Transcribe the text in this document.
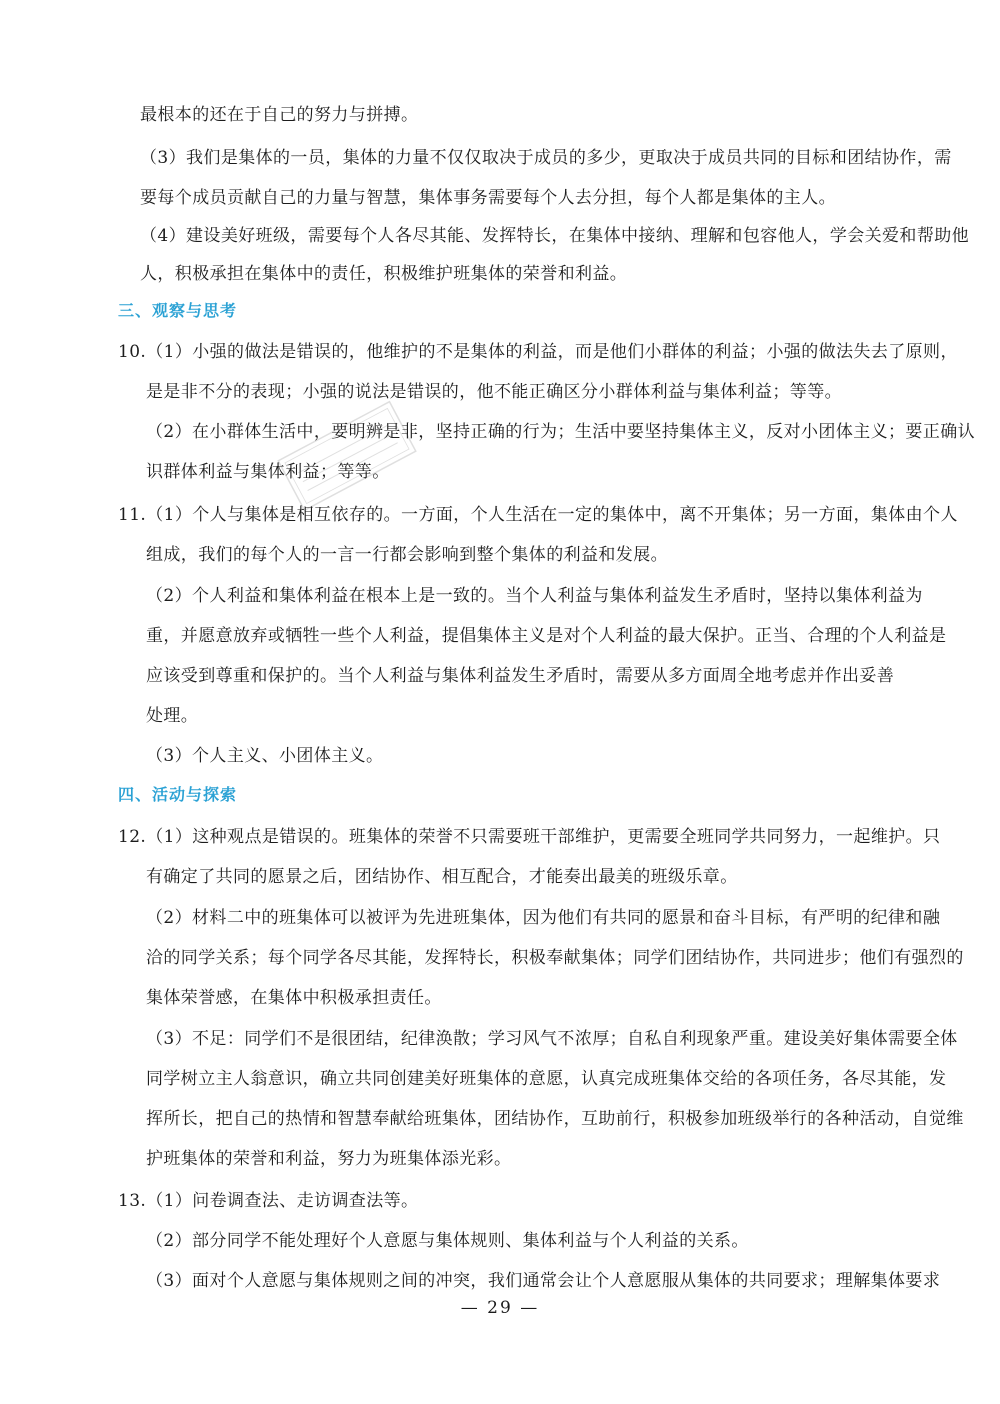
最根本的还在于自己的努力与拼搏。
（3）我们是集体的一员，集体的力量不仅仅取决于成员的多少，更取决于成员共同的目标和团结协作，需
要每个成员贡献自己的力量与智慧，集体事务需要每个人去分担，每个人都是集体的主人。
（4）建设美好班级，需要每个人各尽其能、发挥特长，在集体中接纳、理解和包容他人，学会关爱和帮助他
人，积极承担在集体中的责任，积极维护班集体的荣誉和利益。
三、观察与思考
10.（1）小强的做法是错误的，他维护的不是集体的利益，而是他们小群体的利益；小强的做法失去了原则，
是是非不分的表现；小强的说法是错误的，他不能正确区分小群体利益与集体利益；等等。
（2）在小群体生活中，要明辨是非，坚持正确的行为；生活中要坚持集体主义，反对小团体主义；要正确认
识群体利益与集体利益；等等。
11.（1）个人与集体是相互依存的。一方面，个人生活在一定的集体中，离不开集体；另一方面，集体由个人
组成，我们的每个人的一言一行都会影响到整个集体的利益和发展。
（2）个人利益和集体利益在根本上是一致的。当个人利益与集体利益发生矛盾时，坚持以集体利益为
重，并愿意放弃或牺牲一些个人利益，提倡集体主义是对个人利益的最大保护。正当、合理的个人利益是
应该受到尊重和保护的。当个人利益与集体利益发生矛盾时，需要从多方面周全地考虑并作出妥善
处理。
（3）个人主义、小团体主义。
四、活动与探索
12.（1）这种观点是错误的。班集体的荣誉不只需要班干部维护，更需要全班同学共同努力，一起维护。只
有确定了共同的愿景之后，团结协作、相互配合，才能奏出最美的班级乐章。
（2）材料二中的班集体可以被评为先进班集体，因为他们有共同的愿景和奋斗目标，有严明的纪律和融
洽的同学关系；每个同学各尽其能，发挥特长，积极奉献集体；同学们团结协作，共同进步；他们有强烈的
集体荣誉感，在集体中积极承担责任。
（3）不足：同学们不是很团结，纪律涣散；学习风气不浓厚；自私自利现象严重。建设美好集体需要全体
同学树立主人翁意识，确立共同创建美好班集体的意愿，认真完成班集体交给的各项任务，各尽其能，发
挥所长，把自己的热情和智慧奉献给班集体，团结协作，互助前行，积极参加班级举行的各种活动，自觉维
护班集体的荣誉和利益，努力为班集体添光彩。
13.（1）问卷调查法、走访调查法等。
（2）部分同学不能处理好个人意愿与集体规则、集体利益与个人利益的关系。
（3）面对个人意愿与集体规则之间的冲突，我们通常会让个人意愿服从集体的共同要求；理解集体要求
— 29 —
